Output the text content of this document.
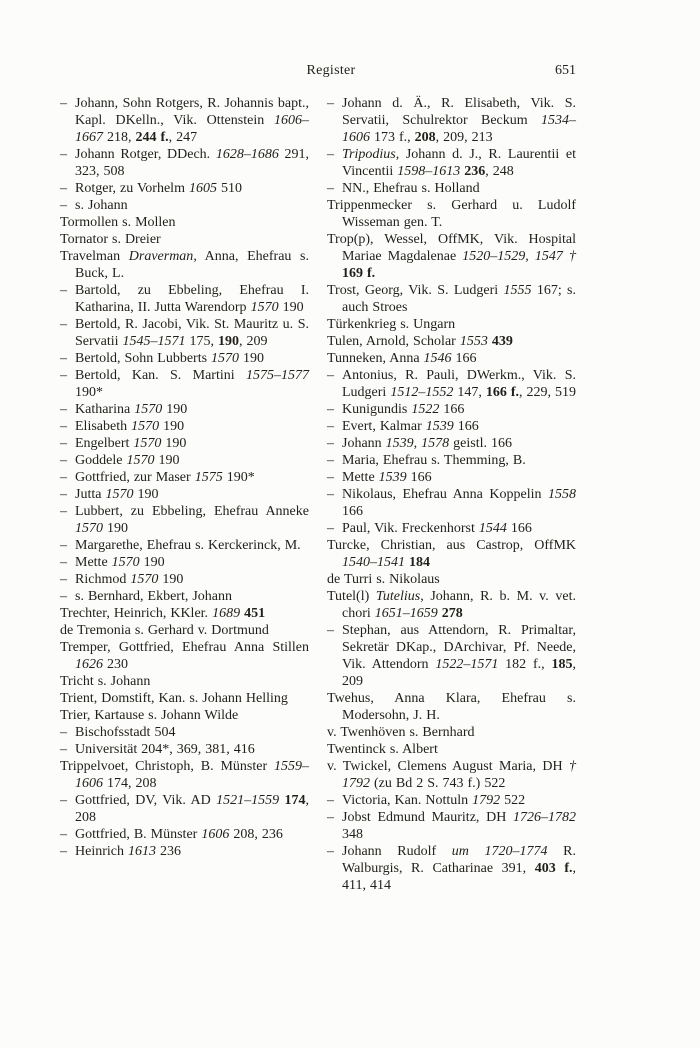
Register	651
– Johann, Sohn Rotgers, R. Johannis bapt., Kapl. DKelln., Vik. Ottenstein 1606–1667 218, 244 f., 247
– Johann Rotger, DDech. 1628–1686 291, 323, 508
– Rotger, zu Vorhelm 1605 510
– s. Johann
Tormollen s. Mollen
Tornator s. Dreier
Travelman Draverman, Anna, Ehefrau s. Buck, L.
– Bartold, zu Ebbeling, Ehefrau I. Katharina, II. Jutta Warendorp 1570 190
– Bertold, R. Jacobi, Vik. St. Mauritz u. S. Servatii 1545–1571 175, 190, 209
– Bertold, Sohn Lubberts 1570 190
– Bertold, Kan. S. Martini 1575–1577 190*
– Katharina 1570 190
– Elisabeth 1570 190
– Engelbert 1570 190
– Goddele 1570 190
– Gottfried, zur Maser 1575 190*
– Jutta 1570 190
– Lubbert, zu Ebbeling, Ehefrau Anneke 1570 190
– Margarethe, Ehefrau s. Kerckerinck, M.
– Mette 1570 190
– Richmod 1570 190
– s. Bernhard, Ekbert, Johann
Trechter, Heinrich, KKler. 1689 451
de Tremonia s. Gerhard v. Dortmund
Tremper, Gottfried, Ehefrau Anna Stillen 1626 230
Tricht s. Johann
Trient, Domstift, Kan. s. Johann Helling
Trier, Kartause s. Johann Wilde
– Bischofsstadt 504
– Universität 204*, 369, 381, 416
Trippelvoet, Christoph, B. Münster 1559–1606 174, 208
– Gottfried, DV, Vik. AD 1521–1559 174, 208
– Gottfried, B. Münster 1606 208, 236
– Heinrich 1613 236
– Johann d. Ä., R. Elisabeth, Vik. S. Servatii, Schulrektor Beckum 1534–1606 173 f., 208, 209, 213
– Tripodius, Johann d. J., R. Laurentii et Vincentii 1598–1613 236, 248
– NN., Ehefrau s. Holland
Trippenmecker s. Gerhard u. Ludolf Wisseman gen. T.
Trop(p), Wessel, OffMK, Vik. Hospital Mariae Magdalenae 1520–1529, 1547 † 169 f.
Trost, Georg, Vik. S. Ludgeri 1555 167; s. auch Stroes
Türkenkrieg s. Ungarn
Tulen, Arnold, Scholar 1553 439
Tunneken, Anna 1546 166
– Antonius, R. Pauli, DWerkm., Vik. S. Ludgeri 1512–1552 147, 166 f., 229, 519
– Kunigundis 1522 166
– Evert, Kalmar 1539 166
– Johann 1539, 1578 geistl. 166
– Maria, Ehefrau s. Themming, B.
– Mette 1539 166
– Nikolaus, Ehefrau Anna Koppelin 1558 166
– Paul, Vik. Freckenhorst 1544 166
Turcke, Christian, aus Castrop, OffMK 1540–1541 184
de Turri s. Nikolaus
Tutel(l) Tutelius, Johann, R. b. M. v. vet. chori 1651–1659 278
– Stephan, aus Attendorn, R. Primaltar, Sekretär DKap., DArchivar, Pf. Neede, Vik. Attendorn 1522–1571 182 f., 185, 209
Twehus, Anna Klara, Ehefrau s. Modersohn, J. H.
v. Twenhöven s. Bernhard
Twentinck s. Albert
v. Twickel, Clemens August Maria, DH † 1792 (zu Bd 2 S. 743 f.) 522
– Victoria, Kan. Nottuln 1792 522
– Jobst Edmund Mauritz, DH 1726–1782 348
– Johann Rudolf um 1720–1774 R. Walburgis, R. Catharinae 391, 403 f., 411, 414
